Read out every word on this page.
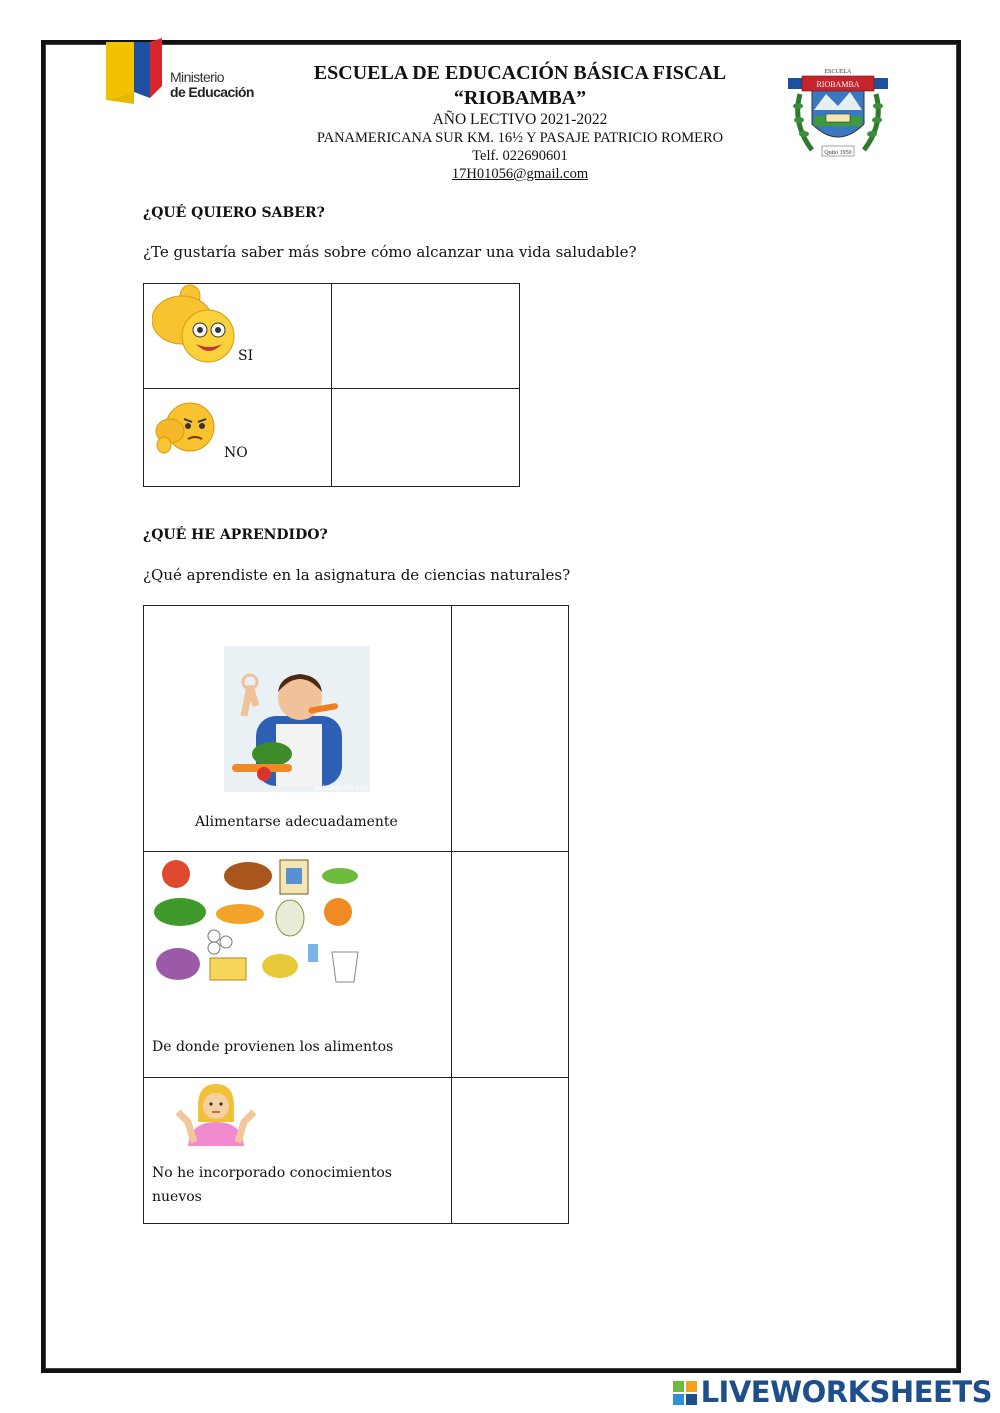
Ministerio
de Educación
ESCUELA DE EDUCACIÓN BÁSICA FISCAL
“RIOBAMBA”
AÑO LECTIVO 2021-2022
PANAMERICANA SUR KM. 16½ Y PASAJE PATRICIO ROMERO
Telf. 022690601
17H01056@gmail.com
RIOBAMBA
ESCUELA
Quito 1950
¿QUÉ QUIERO SABER?
¿Te gustaría saber más sobre cómo alcanzar una vida saludable?
SI	

NO	

¿QUÉ HE APRENDIDO?
¿Qué aprendiste en la asignatura de ciencias naturales?
guiainfantil.com
Alimentarse adecuadamente	

De donde provienen los alimentos	

No he incorporado conocimientos
nuevos	

LIVEWORKSHEETS
